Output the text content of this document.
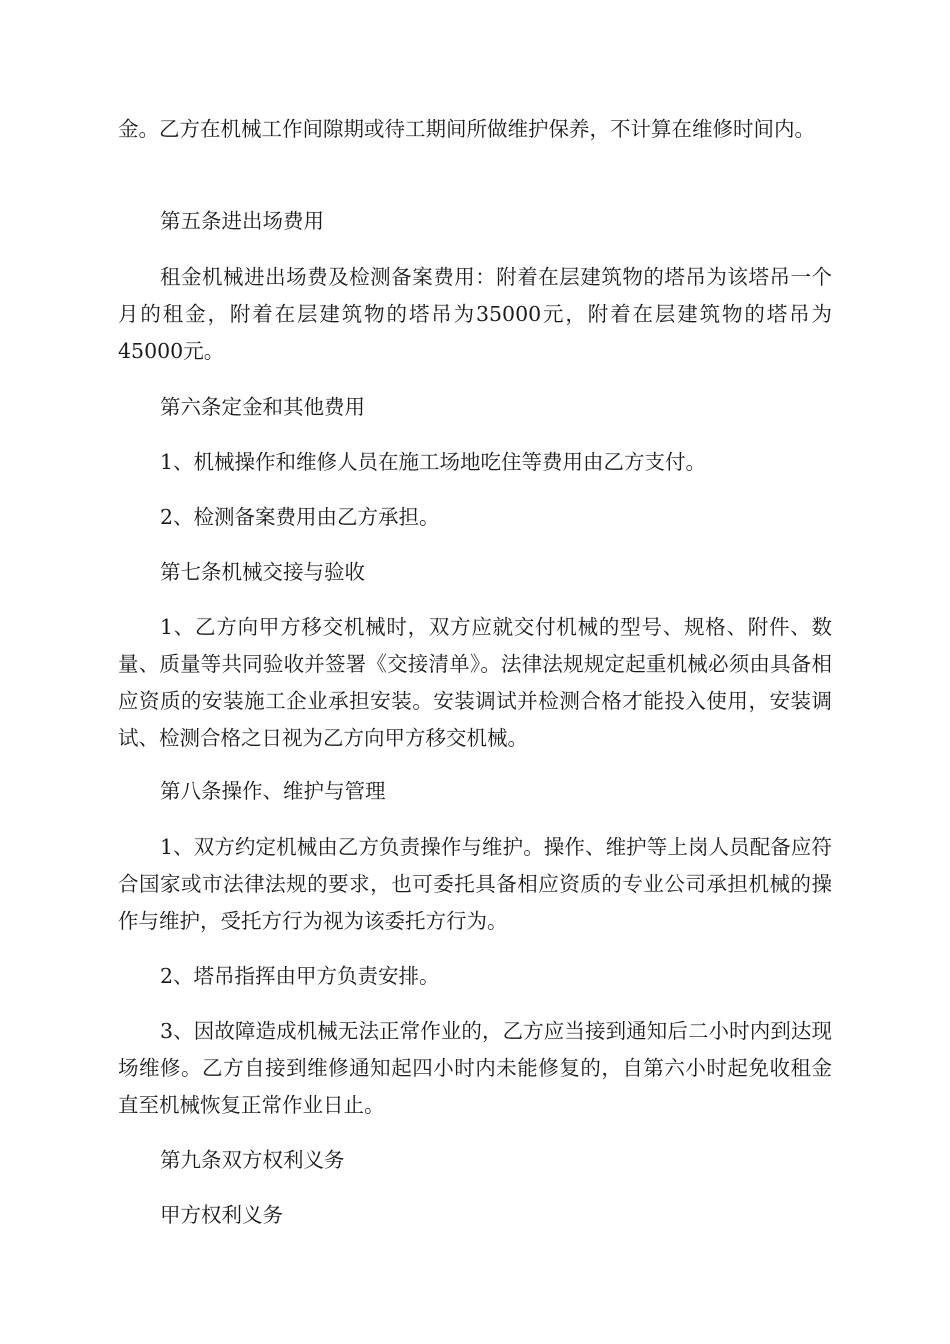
金。乙方在机械工作间隙期或待工期间所做维护保养，不计算在维修时间内。

第五条进出场费用

租金机械进出场费及检测备案费用：附着在层建筑物的塔吊为该塔吊一个月的租金，附着在层建筑物的塔吊为35000元，附着在层建筑物的塔吊为45000元。

第六条定金和其他费用

1、机械操作和维修人员在施工场地吃住等费用由乙方支付。

2、检测备案费用由乙方承担。

第七条机械交接与验收

1、乙方向甲方移交机械时，双方应就交付机械的型号、规格、附件、数量、质量等共同验收并签署《交接清单》。法律法规规定起重机械必须由具备相应资质的安装施工企业承担安装。安装调试并检测合格才能投入使用，安装调试、检测合格之日视为乙方向甲方移交机械。

第八条操作、维护与管理

1、双方约定机械由乙方负责操作与维护。操作、维护等上岗人员配备应符合国家或市法律法规的要求，也可委托具备相应资质的专业公司承担机械的操作与维护，受托方行为视为该委托方行为。

2、塔吊指挥由甲方负责安排。

3、因故障造成机械无法正常作业的，乙方应当接到通知后二小时内到达现场维修。乙方自接到维修通知起四小时内未能修复的，自第六小时起免收租金直至机械恢复正常作业日止。

第九条双方权利义务

甲方权利义务
